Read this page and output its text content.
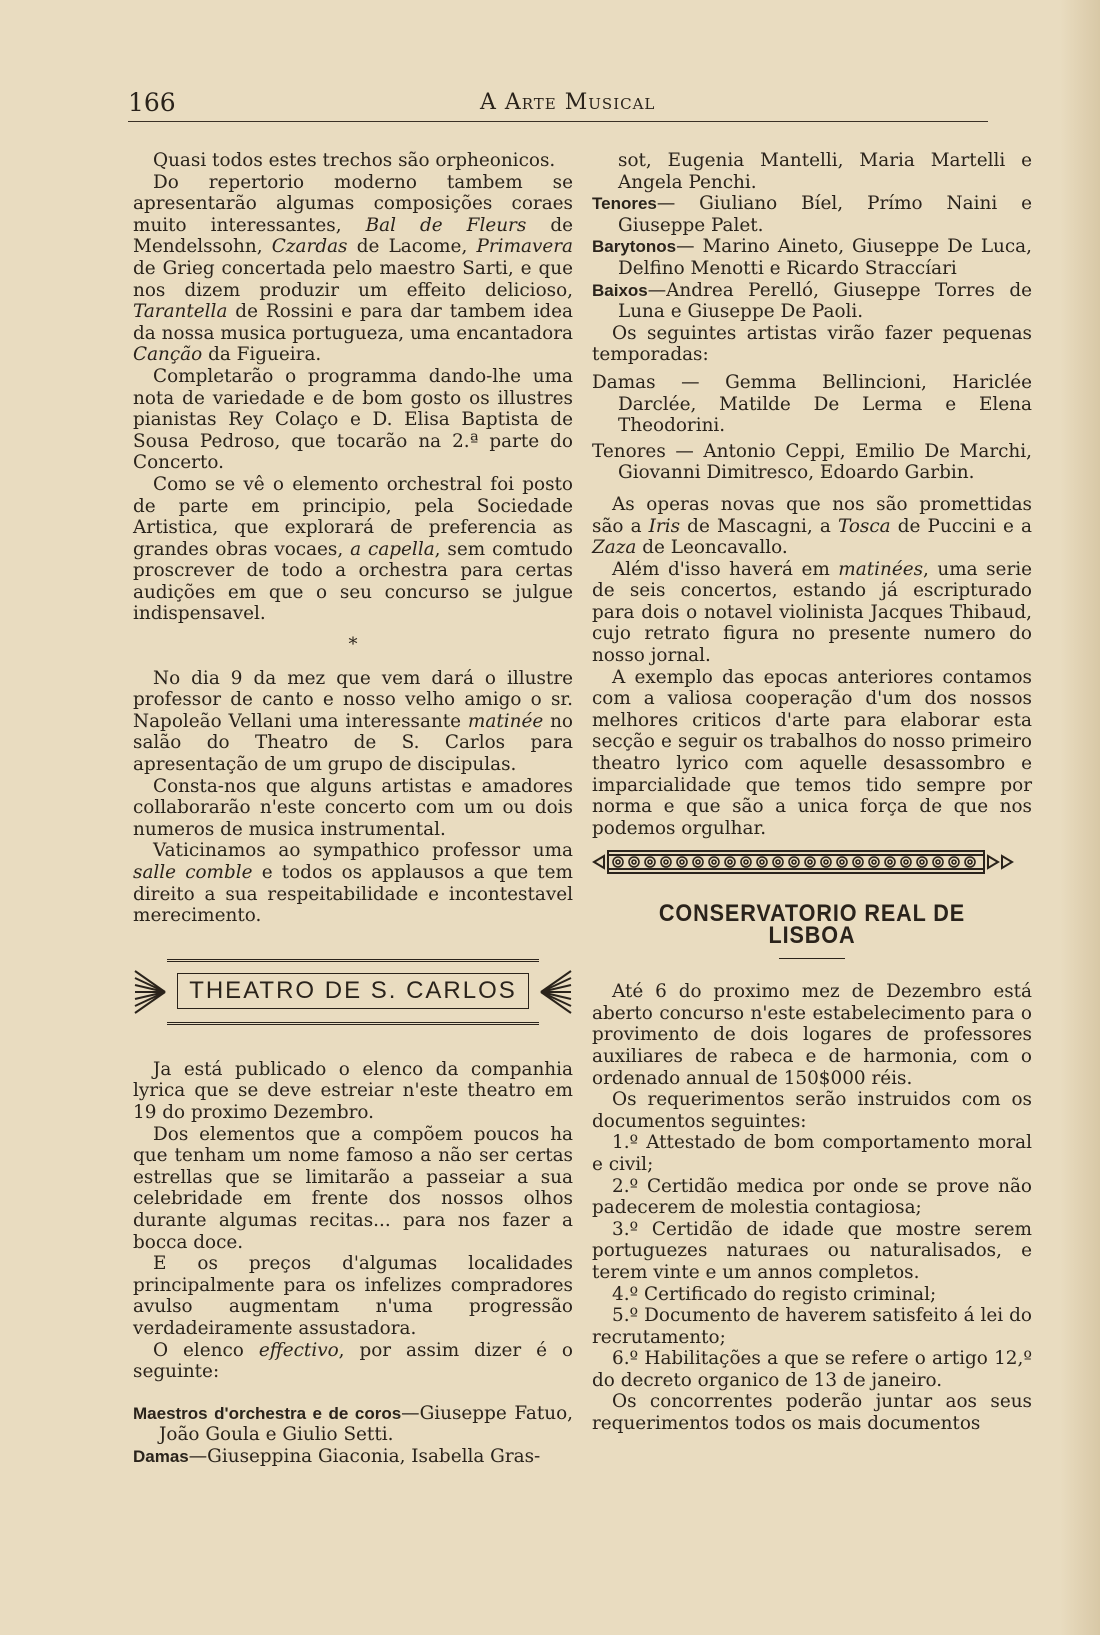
166	A Arte Musical

Quasi todos estes trechos são orpheonicos.

Do repertorio moderno tambem se apresentarão algumas composições coraes muito interessantes, Bal de Fleurs de Mendelssohn, Czardas de Lacome, Primavera de Grieg concertada pelo maestro Sarti, e que nos dizem produzir um effeito delicioso, Tarantella de Rossini e para dar tambem idea da nossa musica portugueza, uma encantadora Canção da Figueira.

Completarão o programma dando-lhe uma nota de variedade e de bom gosto os illustres pianistas Rey Colaço e D. Elisa Baptista de Sousa Pedroso, que tocarão na 2.ª parte do Concerto.

Como se vê o elemento orchestral foi posto de parte em principio, pela Sociedade Artistica, que explorará de preferencia as grandes obras vocaes, a capella, sem comtudo proscrever de todo a orchestra para certas audições em que o seu concurso se julgue indispensavel.

*

No dia 9 da mez que vem dará o illustre professor de canto e nosso velho amigo o sr. Napoleão Vellani uma interessante matinée no salão do Theatro de S. Carlos para apresentação de um grupo de discipulas.

Consta-nos que alguns artistas e amadores collaborarão n'este concerto com um ou dois numeros de musica instrumental.

Vaticinamos ao sympathico professor uma salle comble e todos os applausos a que tem direito a sua respeitabilidade e incontestavel merecimento.

THEATRO DE S. CARLOS

Ja está publicado o elenco da companhia lyrica que se deve estreiar n'este theatro em 19 do proximo Dezembro.

Dos elementos que a compõem poucos ha que tenham um nome famoso a não ser certas estrellas que se limitarão a passeiar a sua celebridade em frente dos nossos olhos durante algumas recitas... para nos fazer a bocca doce.

E os preços d'algumas localidades principalmente para os infelizes compradores avulso augmentam n'uma progressão verdadeiramente assustadora.

O elenco effectivo, por assim dizer é o seguinte:

Maestros d'orchestra e de coros—Giuseppe Fatuo, João Goula e Giulio Setti.

Damas—Giuseppina Giaconia, Isabella Gras-

sot, Eugenia Mantelli, Maria Martelli e Angela Penchi.

Tenores— Giuliano Bíel, Prímo Naini e Giuseppe Palet.

Barytonos— Marino Aineto, Giuseppe De Luca, Delfino Menotti e Ricardo Straccíari

Baixos—Andrea Perelló, Giuseppe Torres de Luna e Giuseppe De Paoli.

Os seguintes artistas virão fazer pequenas temporadas:

Damas — Gemma Bellincioni, Hariclée Darclée, Matilde De Lerma e Elena Theodorini.

Tenores — Antonio Ceppi, Emilio De Marchi, Giovanni Dimitresco, Edoardo Garbin.

As operas novas que nos são promettidas são a Iris de Mascagni, a Tosca de Puccini e a Zaza de Leoncavallo.

Além d'isso haverá em matinées, uma serie de seis concertos, estando já escripturado para dois o notavel violinista Jacques Thibaud, cujo retrato figura no presente numero do nosso jornal.

A exemplo das epocas anteriores contamos com a valiosa cooperação d'um dos nossos melhores criticos d'arte para elaborar esta secção e seguir os trabalhos do nosso primeiro theatro lyrico com aquelle desassombro e imparcialidade que temos tido sempre por norma e que são a unica força de que nos podemos orgulhar.

CONSERVATORIO REAL DE LISBOA

Até 6 do proximo mez de Dezembro está aberto concurso n'este estabelecimento para o provimento de dois logares de professores auxiliares de rabeca e de harmonia, com o ordenado annual de 150$000 réis.

Os requerimentos serão instruidos com os documentos seguintes:

1.º Attestado de bom comportamento moral e civil;

2.º Certidão medica por onde se prove não padecerem de molestia contagiosa;

3.º Certidão de idade que mostre serem portuguezes naturaes ou naturalisados, e terem vinte e um annos completos.

4.º Certificado do registo criminal;

5.º Documento de haverem satisfeito á lei do recrutamento;

6.º Habilitações a que se refere o artigo 12,º do decreto organico de 13 de janeiro.

Os concorrentes poderão juntar aos seus requerimentos todos os mais documentos
